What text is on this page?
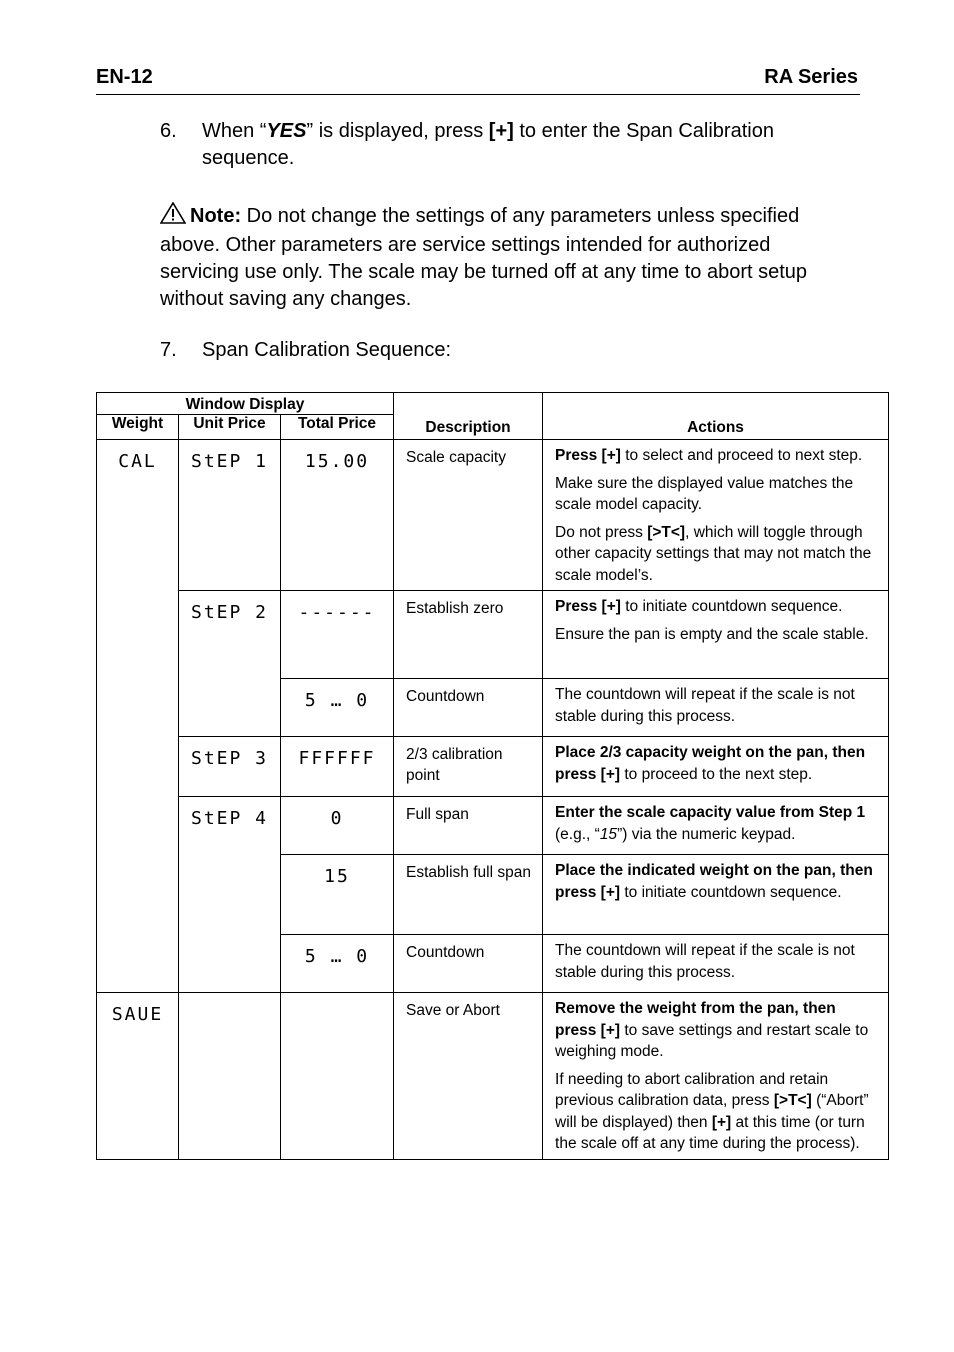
EN-12	RA Series
6. When “YES” is displayed, press [+] to enter the Span Calibration
sequence.
Note: Do not change the settings of any parameters unless specified
above. Other parameters are service settings intended for authorized
servicing use only. The scale may be turned off at any time to abort setup
without saving any changes.
7. Span Calibration Sequence:
Window Display			Description	Actions
Weight	Unit Price	Total Price		
CAL	StEP 1	15.00	Scale capacity	Press [+] to select and proceed to next step.

Make sure the displayed value matches the scale model capacity.

Do not press [>T<], which will toggle through other capacity settings that may not match the scale model’s.

	StEP 2	------	Establish zero	Press [+] to initiate countdown sequence.

Ensure the pan is empty and the scale stable.

		5 … 0	Countdown	The countdown will repeat if the scale is not stable during this process.

	StEP 3	FFFFFF	2/3 calibration point	Place 2/3 capacity weight on the pan, then press [+] to proceed to the next step.

	StEP 4	0	Full span	Enter the scale capacity value from Step 1
(e.g., “15”) via the numeric keypad.

		15	Establish full span	Place the indicated weight on the pan, then press [+] to initiate countdown sequence.

		5 … 0	Countdown	The countdown will repeat if the scale is not stable during this process.

SAUE			Save or Abort	Remove the weight from the pan, then press [+] to save settings and restart scale to weighing mode.

If needing to abort calibration and retain previous calibration data, press [>T<] (“Abort” will be displayed) then [+] at this time (or turn the scale off at any time during the process).
